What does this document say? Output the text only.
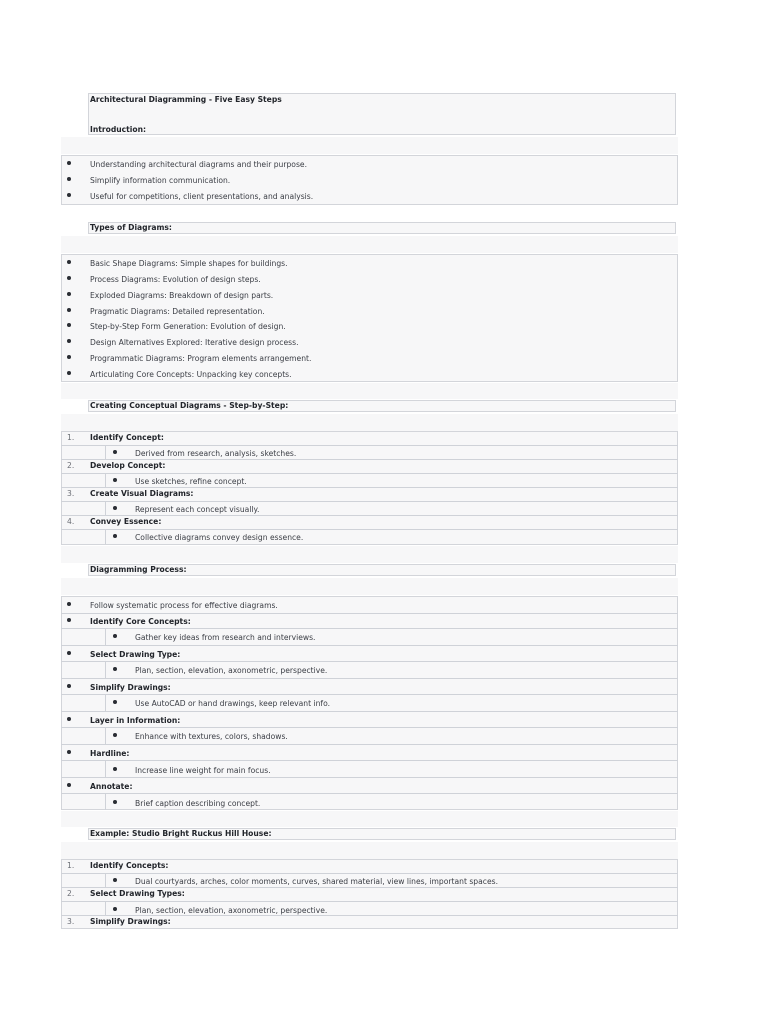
Architectural Diagramming - Five Easy Steps
Introduction:
Understanding architectural diagrams and their purpose.
Simplify information communication.
Useful for competitions, client presentations, and analysis.
Types of Diagrams:
Basic Shape Diagrams: Simple shapes for buildings.
Process Diagrams: Evolution of design steps.
Exploded Diagrams: Breakdown of design parts.
Pragmatic Diagrams: Detailed representation.
Step-by-Step Form Generation: Evolution of design.
Design Alternatives Explored: Iterative design process.
Programmatic Diagrams: Program elements arrangement.
Articulating Core Concepts: Unpacking key concepts.
Creating Conceptual Diagrams - Step-by-Step:
1. Identify Concept:
Derived from research, analysis, sketches.
2. Develop Concept:
Use sketches, refine concept.
3. Create Visual Diagrams:
Represent each concept visually.
4. Convey Essence:
Collective diagrams convey design essence.
Diagramming Process:
Follow systematic process for effective diagrams.
Identify Core Concepts:
Gather key ideas from research and interviews.
Select Drawing Type:
Plan, section, elevation, axonometric, perspective.
Simplify Drawings:
Use AutoCAD or hand drawings, keep relevant info.
Layer in Information:
Enhance with textures, colors, shadows.
Hardline:
Increase line weight for main focus.
Annotate:
Brief caption describing concept.
Example: Studio Bright Ruckus Hill House:
1. Identify Concepts:
Dual courtyards, arches, color moments, curves, shared material, view lines, important spaces.
2. Select Drawing Types:
Plan, section, elevation, axonometric, perspective.
3. Simplify Drawings:
